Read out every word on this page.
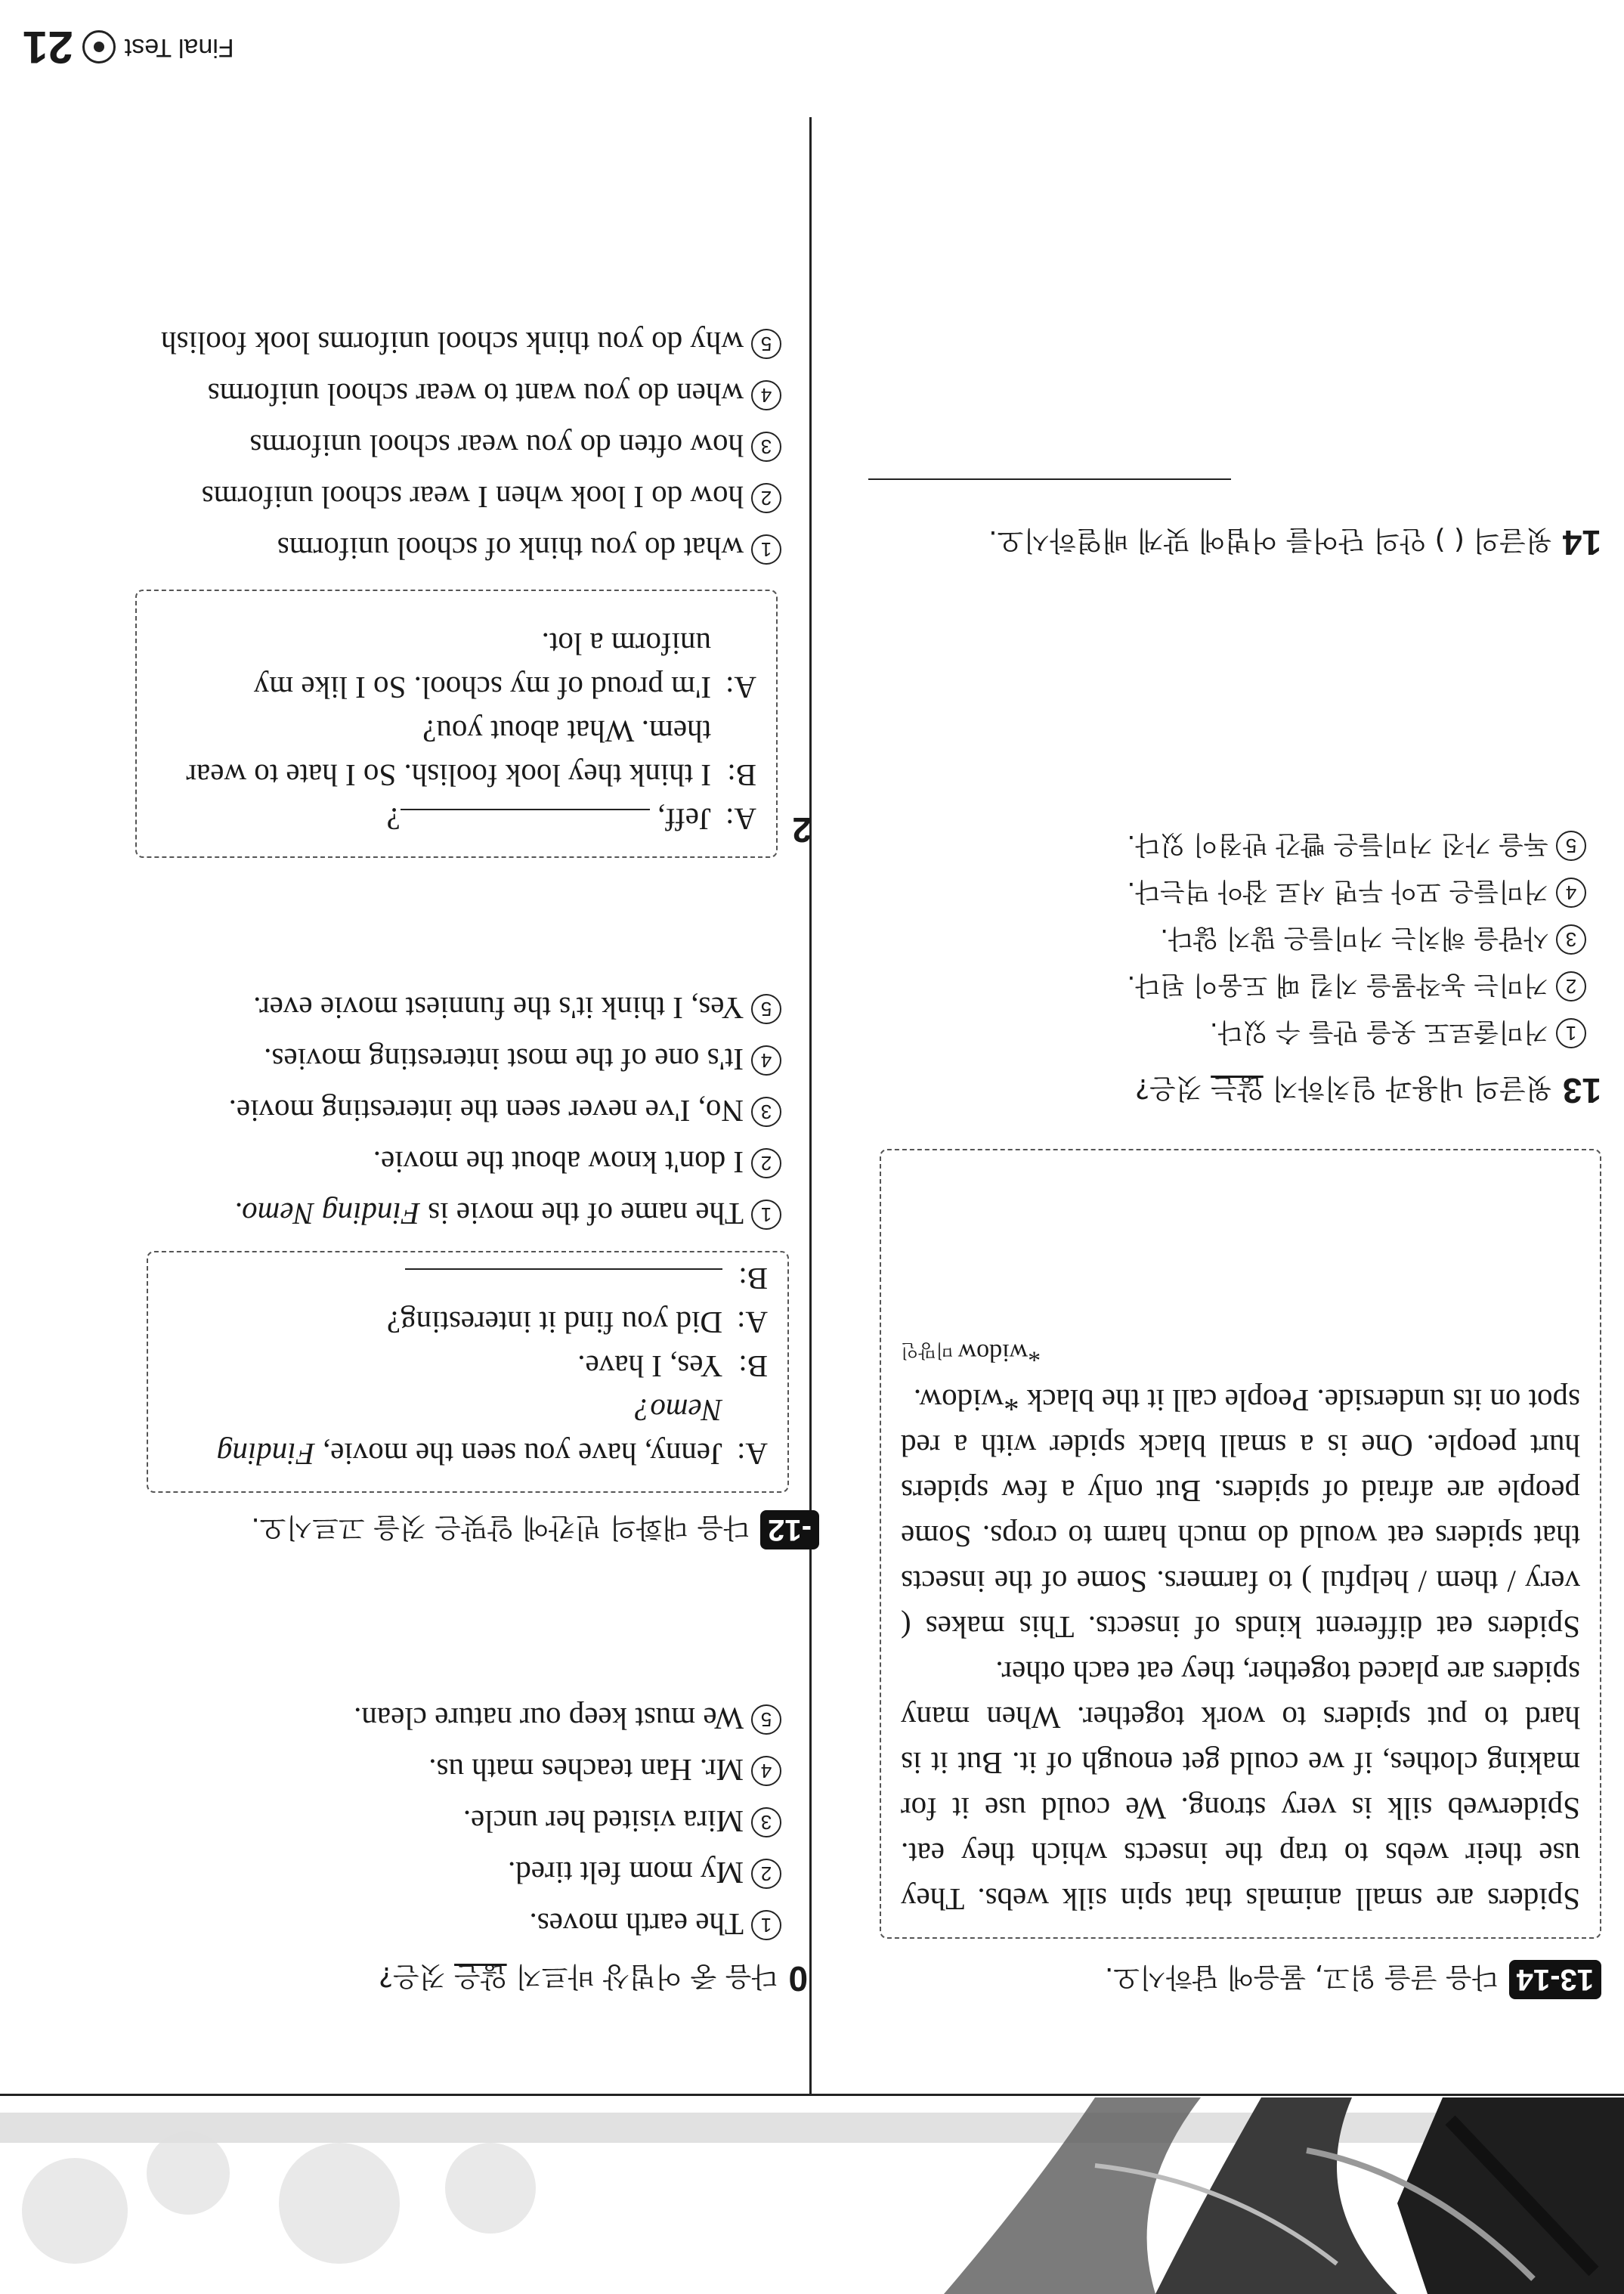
13-14
다음 글을 읽고, 물음에 답하시오.

Spiders are small animals that spin silk webs. They use their webs to trap the insects which they eat. Spiderweb silk is very strong. We could use it for making clothes, if we could get enough of it. But it is hard to put spiders to work together. When many spiders are placed together, they eat each other.

Spiders eat different kinds of insects. This makes ( very / them / helpful ) to farmers. Some of the insects that spiders eat would do much harm to crops. Some people are afraid of spiders. But only a few spiders hurt people. One is a small black spider with a red spot on its underside. People call it the black *widow.

*widow미망인
13
윗글의 내용과 일치하지 않는 것은?
1
거미줄로도 옷을 만들 수 있다.
2
거미는 농작물을 지킬 때 도움이 된다.
3
사람을 해치는 거미들은 많지 않다.
4
거미들은 모아 두면 서로 잡아 먹는다.
5
독을 가진 거미들은 빨간 반점이 있다.
14
윗글의 ( ) 안의 단어를 어법에 맞게 배열하시오.
0
다음 중 어법상 바르지 않은 것은?
1
The earth moves.
2
My mom felt tired.
3
Mira visited her uncle.
4
Mr. Han teaches math us.
5
We must keep our nature clean.
-12
다음 대화의 빈칸에 알맞은 것을 고르시오.
A:
Jenny, have you seen the movie, Finding Nemo?
B:
Yes, I have.
A:
Did you find it interesting?
B:
1
The name of the movie is Finding Nemo.
2
I don't know about the movie.
3
No, I've never seen the interesting movie.
4
It's one of the most interesting movies.
5
Yes, I think it's the funniest movie ever.
2
A:
Jeff, ?
B:
I think they look foolish. So I hate to wear them. What about you?
A:
I'm proud of my school. So I like my uniform a lot.
1
what do you think of school uniforms
2
how do I look when I wear school uniforms
3
how often do you wear school uniforms
4
when do you want to wear school uniforms
5
why do you think school uniforms look foolish
Final Test
21
